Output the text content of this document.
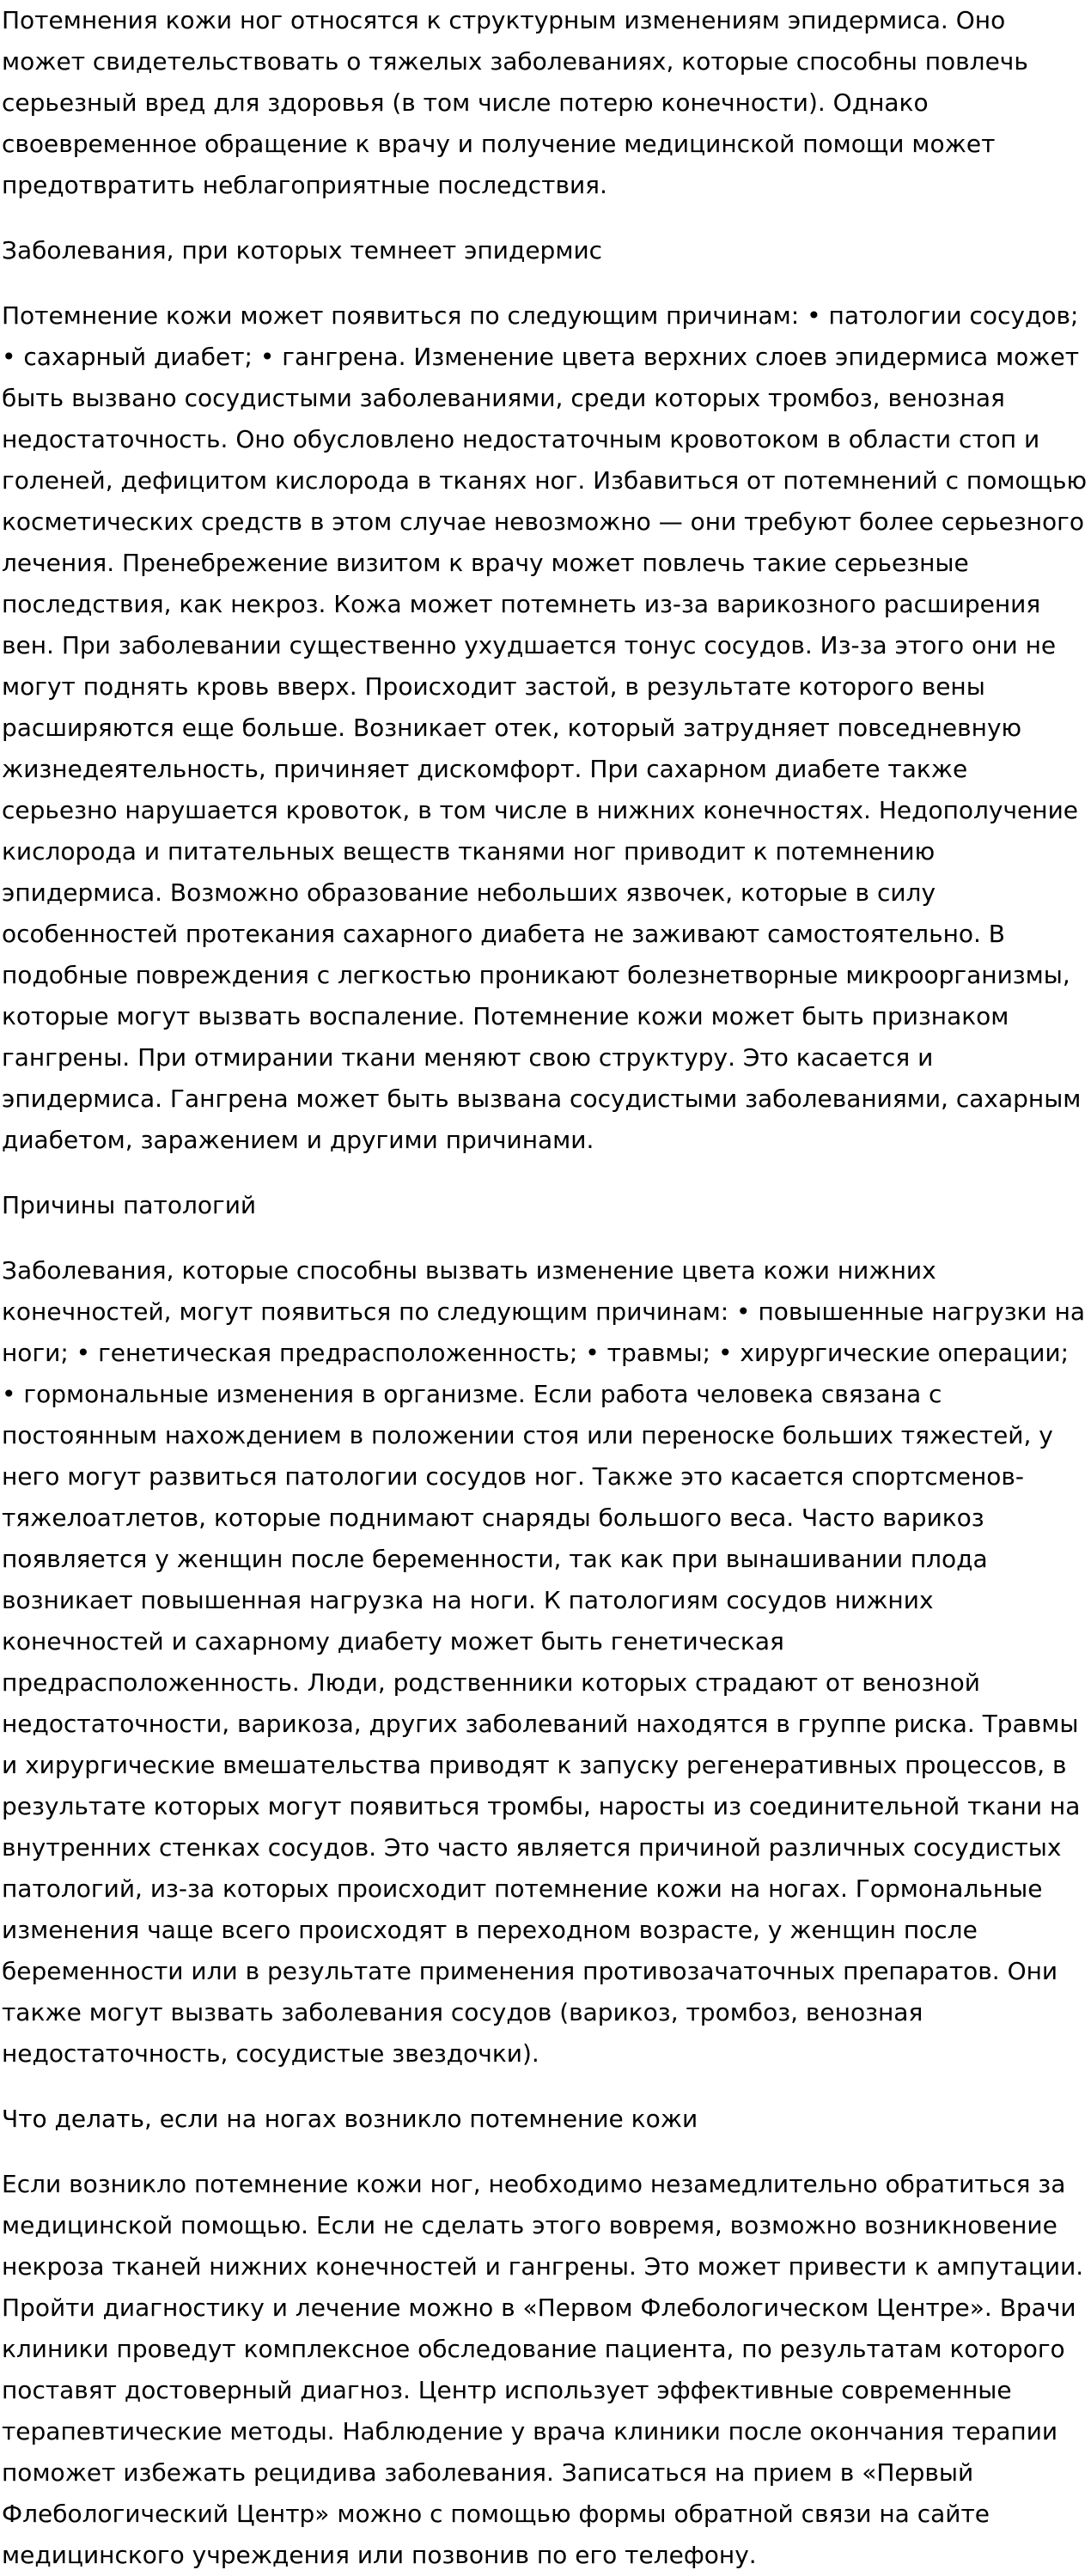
Потемнения кожи ног относятся к структурным изменениям эпидермиса. Оно может свидетельствовать о тяжелых заболеваниях, которые способны повлечь серьезный вред для здоровья (в том числе потерю конечности). Однако своевременное обращение к врачу и получение медицинской помощи может предотвратить неблагоприятные последствия.

Заболевания, при которых темнеет эпидермис

Потемнение кожи может появиться по следующим причинам: • патологии сосудов; • сахарный диабет; • гангрена. Изменение цвета верхних слоев эпидермиса может быть вызвано сосудистыми заболеваниями, среди которых тромбоз, венозная недостаточность. Оно обусловлено недостаточным кровотоком в области стоп и голеней, дефицитом кислорода в тканях ног. Избавиться от потемнений с помощью косметических средств в этом случае невозможно — они требуют более серьезного лечения. Пренебрежение визитом к врачу может повлечь такие серьезные последствия, как некроз. Кожа может потемнеть из-за варикозного расширения вен. При заболевании существенно ухудшается тонус сосудов. Из-за этого они не могут поднять кровь вверх. Происходит застой, в результате которого вены расширяются еще больше. Возникает отек, который затрудняет повседневную жизнедеятельность, причиняет дискомфорт. При сахарном диабете также серьезно нарушается кровоток, в том числе в нижних конечностях. Недополучение кислорода и питательных веществ тканями ног приводит к потемнению эпидермиса. Возможно образование небольших язвочек, которые в силу особенностей протекания сахарного диабета не заживают самостоятельно. В подобные повреждения с легкостью проникают болезнетворные микроорганизмы, которые могут вызвать воспаление. Потемнение кожи может быть признаком гангрены. При отмирании ткани меняют свою структуру. Это касается и эпидермиса. Гангрена может быть вызвана сосудистыми заболеваниями, сахарным диабетом, заражением и другими причинами.

Причины патологий

Заболевания, которые способны вызвать изменение цвета кожи нижних конечностей, могут появиться по следующим причинам: • повышенные нагрузки на ноги; • генетическая предрасположенность; • травмы; • хирургические операции; • гормональные изменения в организме. Если работа человека связана с постоянным нахождением в положении стоя или переноске больших тяжестей, у него могут развиться патологии сосудов ног. Также это касается спортсменов-тяжелоатлетов, которые поднимают снаряды большого веса. Часто варикоз появляется у женщин после беременности, так как при вынашивании плода возникает повышенная нагрузка на ноги. К патологиям сосудов нижних конечностей и сахарному диабету может быть генетическая предрасположенность. Люди, родственники которых страдают от венозной недостаточности, варикоза, других заболеваний находятся в группе риска. Травмы и хирургические вмешательства приводят к запуску регенеративных процессов, в результате которых могут появиться тромбы, наросты из соединительной ткани на внутренних стенках сосудов. Это часто является причиной различных сосудистых патологий, из-за которых происходит потемнение кожи на ногах. Гормональные изменения чаще всего происходят в переходном возрасте, у женщин после беременности или в результате применения противозачаточных препаратов. Они также могут вызвать заболевания сосудов (варикоз, тромбоз, венозная недостаточность, сосудистые звездочки).

Что делать, если на ногах возникло потемнение кожи

Если возникло потемнение кожи ног, необходимо незамедлительно обратиться за медицинской помощью. Если не сделать этого вовремя, возможно возникновение некроза тканей нижних конечностей и гангрены. Это может привести к ампутации. Пройти диагностику и лечение можно в «Первом Флебологическом Центре». Врачи клиники проведут комплексное обследование пациента, по результатам которого поставят достоверный диагноз. Центр использует эффективные современные терапевтические методы. Наблюдение у врача клиники после окончания терапии поможет избежать рецидива заболевания. Записаться на прием в «Первый Флебологический Центр» можно с помощью формы обратной связи на сайте медицинского учреждения или позвонив по его телефону.
